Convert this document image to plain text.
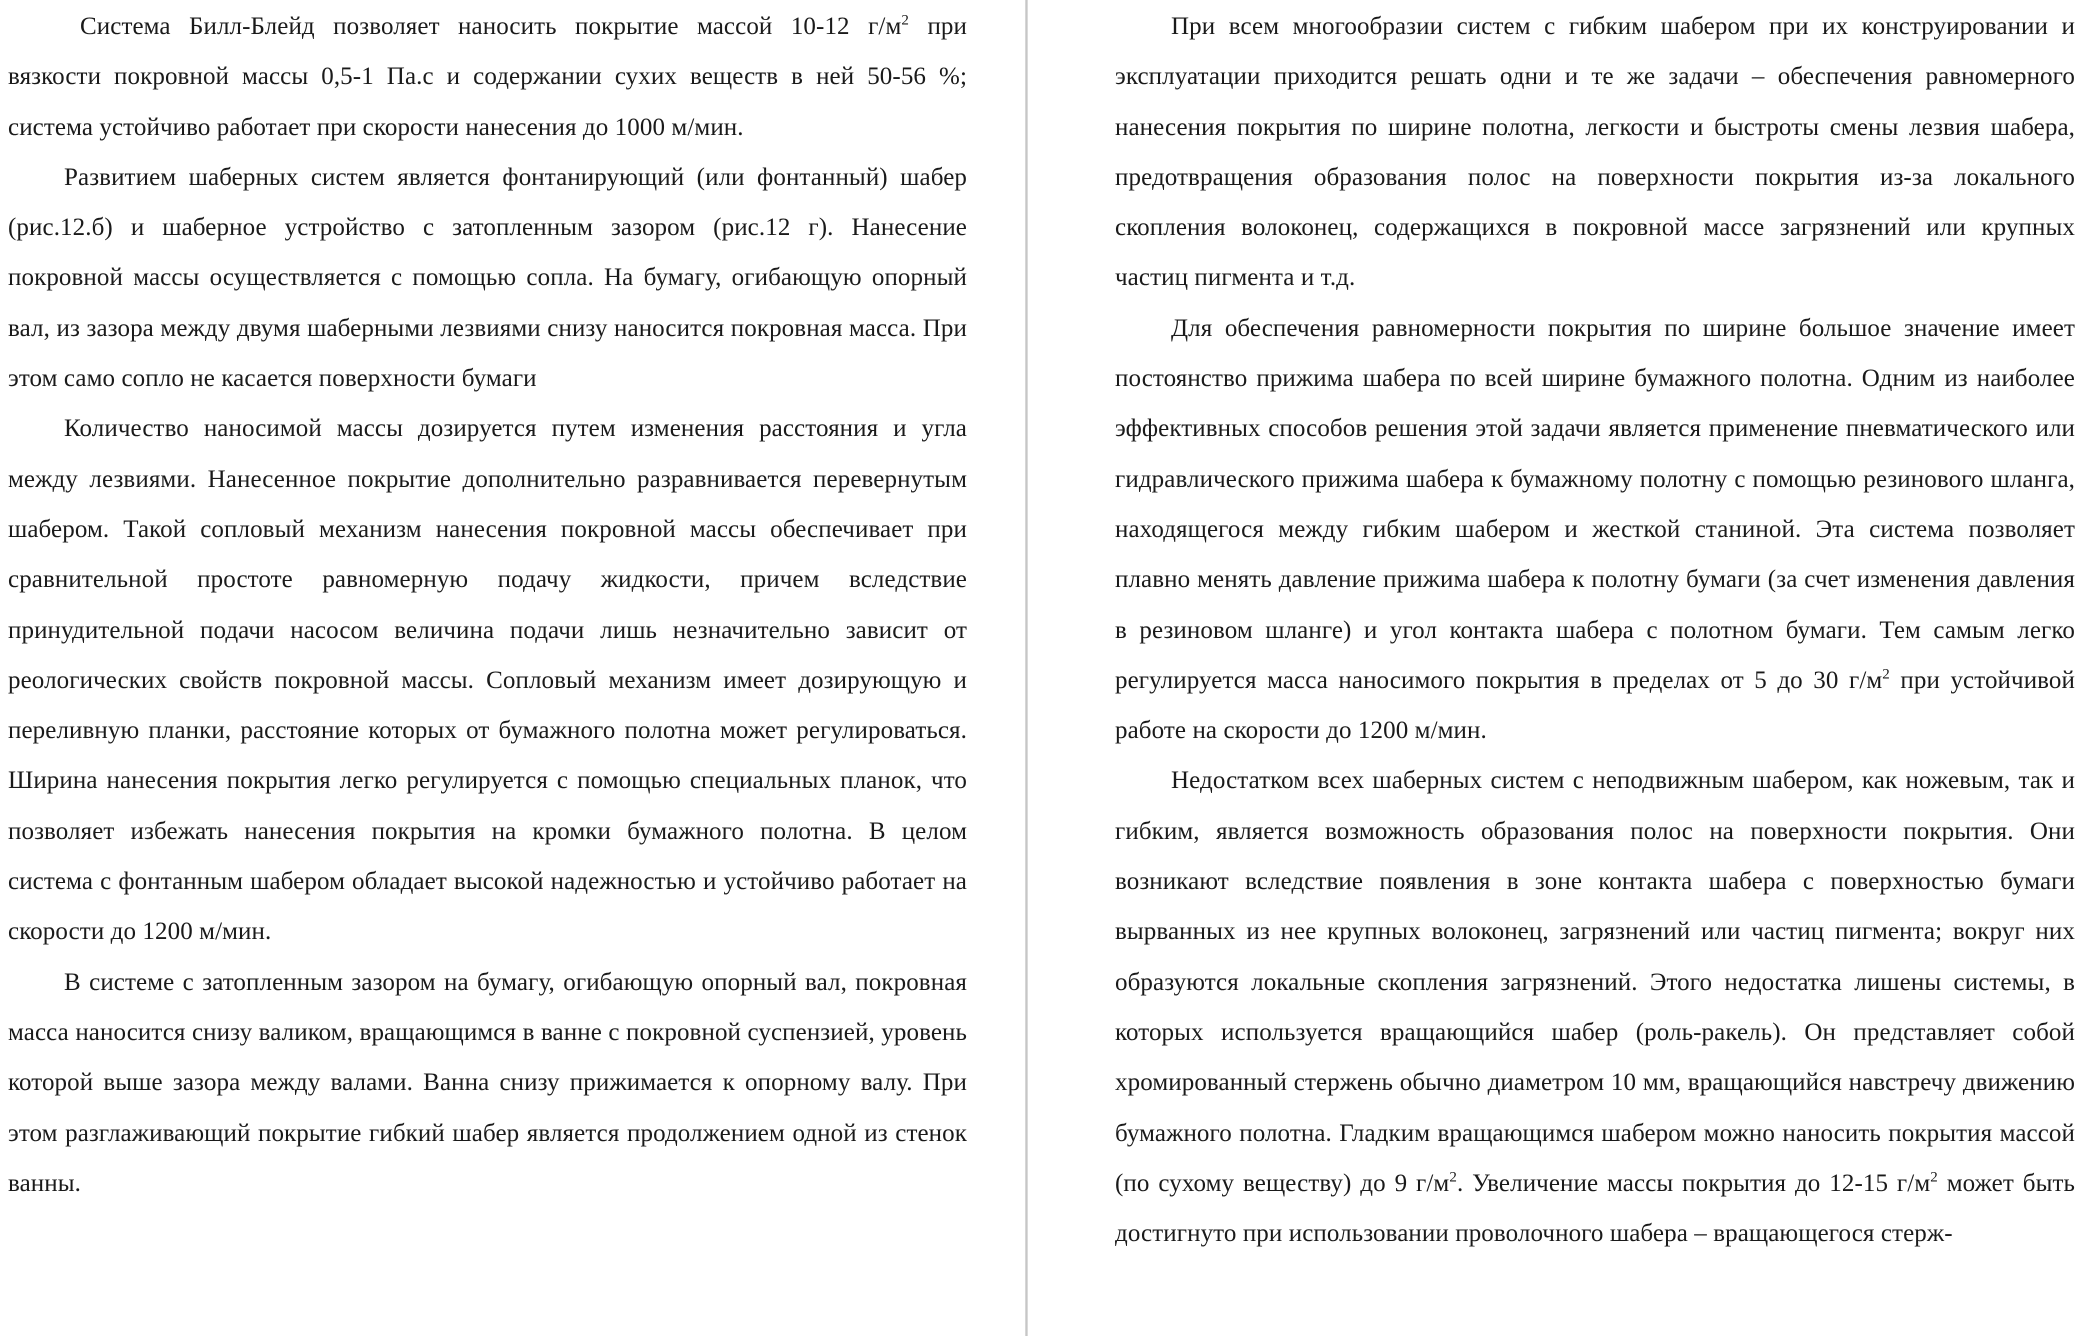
Система Билл-Блейд позволяет наносить покрытие массой 10-12 $г/м^2$ при вязкости покровной массы 0,5-1 Па.с и содержании сухих веществ в ней 50-56 %; система устойчиво работает при скорости нанесения до 1000 м/мин.

Развитием шаберных систем является фонтанирующий (или фонтанный) шабер (рис.12.б) и шаберное устройство с затопленным зазором (рис.12 г). Нанесение покровной массы осуществляется с помощью сопла. На бумагу, огибающую опорный вал, из зазора между двумя шаберными лезвиями снизу наносится покровная масса. При этом само сопло не касается поверхности бумаги

Количество наносимой массы дозируется путем изменения расстояния и угла между лезвиями. Нанесенное покрытие дополнительно разравнивается перевернутым шабером. Такой сопловый механизм нанесения покровной массы обеспечивает при сравнительной простоте равномерную подачу жидкости, причем вследствие принудительной подачи насосом величина подачи лишь незначительно зависит от реологических свойств покровной массы. Сопловый механизм имеет дозирующую и переливную планки, расстояние которых от бумажного полотна может регулироваться. Ширина нанесения покрытия легко регулируется с помощью специальных планок, что позволяет избежать нанесения покрытия на кромки бумажного полотна. В целом система с фонтанным шабером обладает высокой надежностью и устойчиво работает на скорости до 1200 м/мин.

В системе с затопленным зазором на бумагу, огибающую опорный вал, покровная масса наносится снизу валиком, вращающимся в ванне с покровной суспензией, уровень которой выше зазора между валами. Ванна снизу прижимается к опорному валу. При этом разглаживающий покрытие гибкий шабер является продолжением одной из стенок ванны.

При всем многообразии систем с гибким шабером при их конструировании и эксплуатации приходится решать одни и те же задачи – обеспечения равномерного нанесения покрытия по ширине полотна, легкости и быстроты смены лезвия шабера, предотвращения образования полос на поверхности покрытия из-за локального скопления волоконец, содержащихся в покровной массе загрязнений или крупных частиц пигмента и т.д.

Для обеспечения равномерности покрытия по ширине большое значение имеет постоянство прижима шабера по всей ширине бумажного полотна. Одним из наиболее эффективных способов решения этой задачи является применение пневматического или гидравлического прижима шабера к бумажному полотну с помощью резинового шланга, находящегося между гибким шабером и жесткой станиной. Эта система позволяет плавно менять давление прижима шабера к полотну бумаги (за счет изменения давления в резиновом шланге) и угол контакта шабера с полотном бумаги. Тем самым легко регулируется масса наносимого покрытия в пределах от 5 до 30 $г/м^2$ при устойчивой работе на скорости до 1200 м/мин.

Недостатком всех шаберных систем с неподвижным шабером, как ножевым, так и гибким, является возможность образования полос на поверхности покрытия. Они возникают вследствие появления в зоне контакта шабера с поверхностью бумаги вырванных из нее крупных волоконец, загрязнений или частиц пигмента; вокруг них образуются локальные скопления загрязнений. Этого недостатка лишены системы, в которых используется вращающийся шабер (роль-ракель). Он представляет собой хромированный стержень обычно диаметром 10 мм, вращающийся навстречу движению бумажного полотна. Гладким вращающимся шабером можно наносить покрытия массой (по сухому веществу) до 9 $г/м^2$. Увеличение массы покрытия до 12-15 $г/м^2$ может быть достигнуто при использовании проволочного шабера – вращающегося стерж-
